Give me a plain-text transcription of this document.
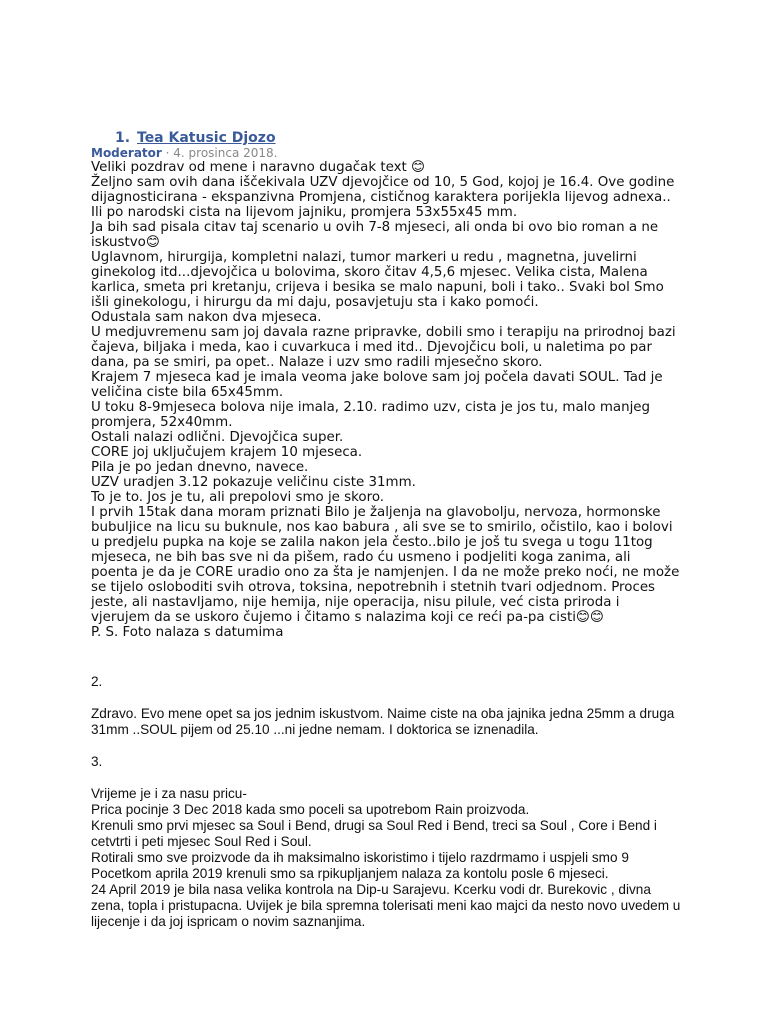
1. Tea Katusic Djozo
Moderator · 4. prosinca 2018.

Veliki pozdrav od mene i naravno dugačak text 😊

Željno sam ovih dana iščekivala UZV djevojčice od 10, 5 God, kojoj je 16.4. Ove godine dijagnosticirana - ekspanzivna Promjena, cističnog karaktera porijekla lijevog adnexa.. Ili po narodski cista na lijevom jajniku, promjera 53x55x45 mm.

Ja bih sad pisala citav taj scenario u ovih 7-8 mjeseci, ali onda bi ovo bio roman a ne iskustvo😊

Uglavnom, hirurgija, kompletni nalazi, tumor markeri u redu , magnetna, juvelirni ginekolog itd...djevojčica u bolovima, skoro čitav 4,5,6 mjesec. Velika cista, Malena karlica, smeta pri kretanju, crijeva i besika se malo napuni, boli i tako.. Svaki bol Smo išli ginekologu, i hirurgu da mi daju, posavjetuju sta i kako pomoći.

Odustala sam nakon dva mjeseca.

U medjuvremenu sam joj davala razne pripravke, dobili smo i terapiju na prirodnoj bazi čajeva, biljaka i meda, kao i cuvarkuca i med itd.. Djevojčicu boli, u naletima po par dana, pa se smiri, pa opet.. Nalaze i uzv smo radili mjesečno skoro.

Krajem 7 mjeseca kad je imala veoma jake bolove sam joj počela davati SOUL. Tad je veličina ciste bila 65x45mm.

U toku 8-9mjeseca bolova nije imala, 2.10. radimo uzv, cista je jos tu, malo manjeg promjera, 52x40mm.

Ostali nalazi odlični. Djevojčica super.

CORE joj uključujem krajem 10 mjeseca.

Pila je po jedan dnevno, navece.

UZV uradjen 3.12 pokazuje veličinu ciste 31mm.

To je to. Jos je tu, ali prepolovi smo je skoro.

I prvih 15tak dana moram priznati Bilo je žaljenja na glavobolju, nervoza, hormonske bubuljice na licu su buknule, nos kao babura , ali sve se to smirilo, očistilo, kao i bolovi u predjelu pupka na koje se zalila nakon jela često..bilo je još tu svega u togu 11tog mjeseca, ne bih bas sve ni da pišem, rado ću usmeno i podjeliti koga zanima, ali poenta je da je CORE uradio ono za šta je namjenjen. I da ne može preko noći, ne može se tijelo osloboditi svih otrova, toksina, nepotrebnih i stetnih tvari odjednom. Proces jeste, ali nastavljamo, nije hemija, nije operacija, nisu pilule, već cista priroda i vjerujem da se uskoro čujemo i čitamo s nalazima koji ce reći pa-pa cisti😊😊

P. S. Foto nalaza s datumima

2.

Zdravo. Evo mene opet sa jos jednim iskustvom. Naime ciste na oba jajnika jedna 25mm a druga 31mm ..SOUL pijem od 25.10 ...ni jedne nemam. I doktorica se iznenadila.

3.

Vrijeme je i za nasu pricu-

Prica pocinje 3 Dec 2018 kada smo poceli sa upotrebom Rain proizvoda.

Krenuli smo prvi mjesec sa Soul i Bend, drugi sa Soul Red i Bend, treci sa Soul , Core i Bend i cetvtrti i peti mjesec Soul Red i Soul.

Rotirali smo sve proizvode da ih maksimalno iskoristimo i tijelo razdrmamo i uspjeli smo 9

Pocetkom aprila 2019 krenuli smo sa rpikupljanjem nalaza za kontolu posle 6 mjeseci.

24 April 2019 je bila nasa velika kontrola na Dip-u Sarajevu. Kcerku vodi dr. Burekovic , divna zena, topla i pristupacna. Uvijek je bila spremna tolerisati meni kao majci da nesto novo uvedem u lijecenje i da joj ispricam o novim saznanjima.
